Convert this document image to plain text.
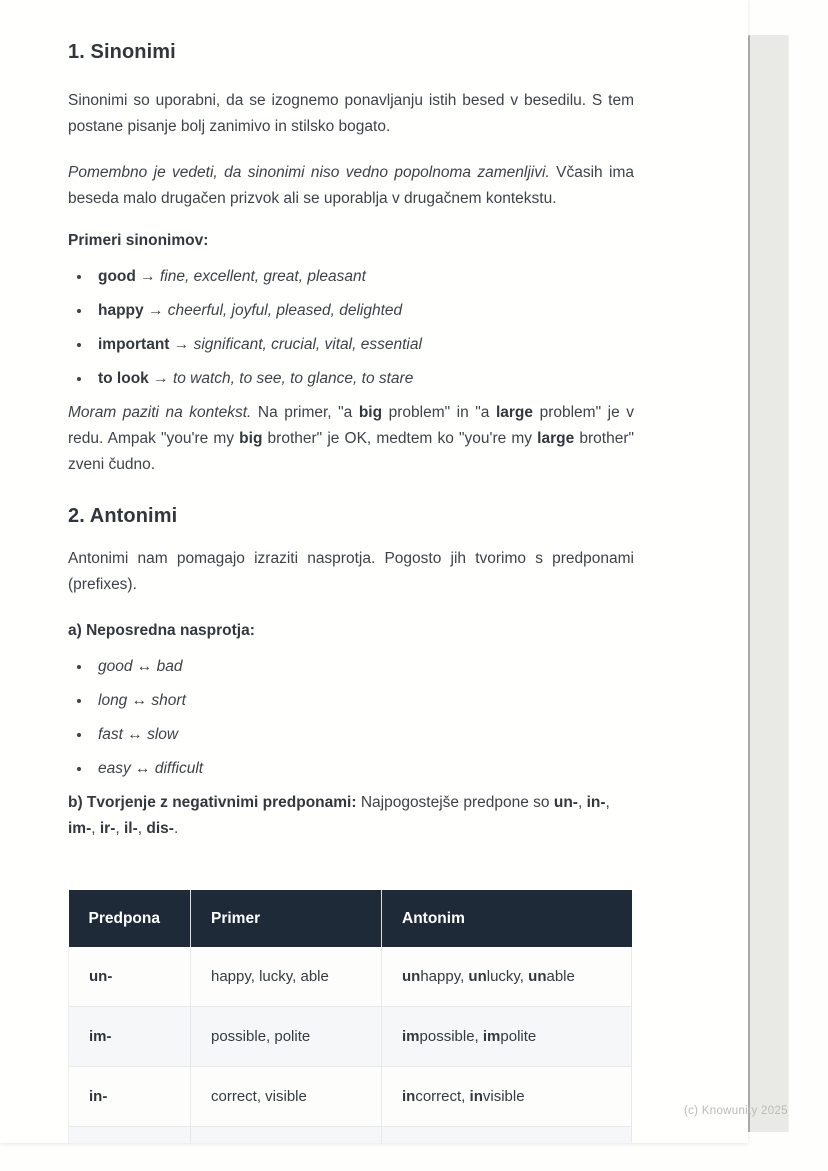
1. Sinonimi

Sinonimi so uporabni, da se izognemo ponavljanju istih besed v besedilu. S tem postane pisanje bolj zanimivo in stilsko bogato.

Pomembno je vedeti, da sinonimi niso vedno popolnoma zamenljivi. Včasih ima beseda malo drugačen prizvok ali se uporablja v drugačnem kontekstu.

Primeri sinonimov:
• good → fine, excellent, great, pleasant
• happy → cheerful, joyful, pleased, delighted
• important → significant, crucial, vital, essential
• to look → to watch, to see, to glance, to stare

Moram paziti na kontekst. Na primer, "a big problem" in "a large problem" je v redu. Ampak "you're my big brother" je OK, medtem ko "you're my large brother" zveni čudno.

2. Antonimi

Antonimi nam pomagajo izraziti nasprotja. Pogosto jih tvorimo s predponami (prefixes).

a) Neposredna nasprotja:
• good ↔ bad
• long ↔ short
• fast ↔ slow
• easy ↔ difficult

b) Tvorjenje z negativnimi predponami: Najpogostejše predpone so un-, in-, im-, ir-, il-, dis-.

Predpona	Primer	Antonim
un-	happy, lucky, able	unhappy, unlucky, unable
im-	possible, polite	impossible, impolite
in-	correct, visible	incorrect, invisible

(c) Knowunity 2025
